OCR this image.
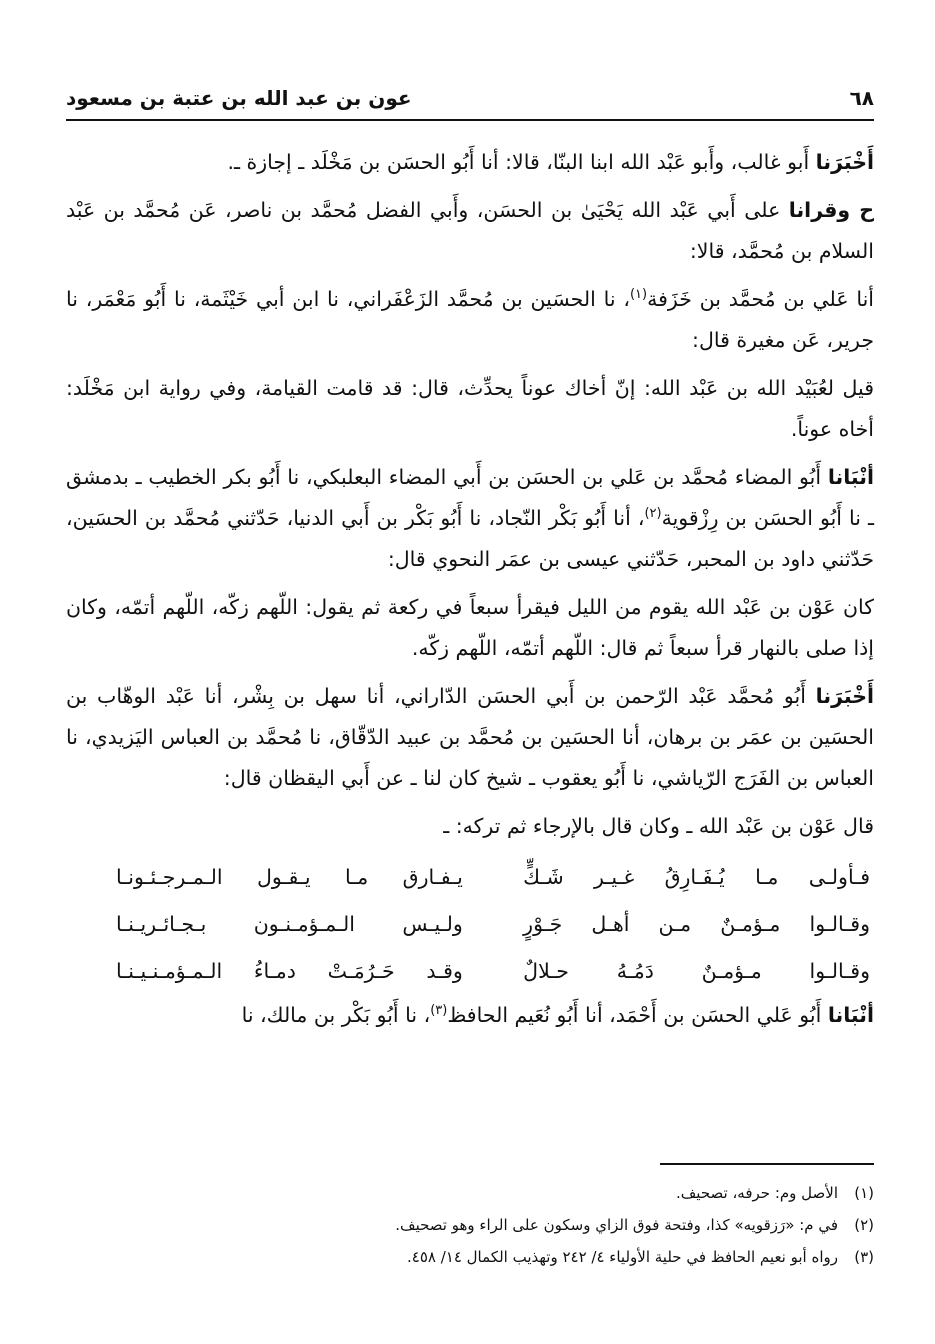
٦٨
عون بن عبد الله بن عتبة بن مسعود

أَخْبَرَنا أَبو غالب، وأَبو عَبْد الله ابنا البنّا، قالا: أنا أَبُو الحسَن بن مَخْلَد ـ إجازة ـ.

ح وقرانا على أَبي عَبْد الله يَحْيَىٰ بن الحسَن، وأَبي الفضل مُحمَّد بن ناصر، عَن مُحمَّد بن عَبْد السلام بن مُحمَّد، قالا:

أنا عَلي بن مُحمَّد بن خَزَفة$^{(١)}$، نا الحسَين بن مُحمَّد الزَعْفَراني، نا ابن أبي خَيْثَمة، نا أَبُو مَعْمَر، نا جرير، عَن مغيرة قال:

قيل لعُبَيْد الله بن عَبْد الله: إنّ أخاك عوناً يحدِّث، قال: قد قامت القيامة، وفي رواية ابن مَخْلَد: أخاه عوناً.

أنْبَانا أَبُو المضاء مُحمَّد بن عَلي بن الحسَن بن أَبي المضاء البعلبكي، نا أَبُو بكر الخطيب ـ بدمشق ـ نا أَبُو الحسَن بن رِزْقوية$^{(٢)}$، أنا أَبُو بَكْر النّجاد، نا أَبُو بَكْر بن أَبي الدنيا، حَدّثني مُحمَّد بن الحسَين، حَدّثني داود بن المحبر، حَدّثني عيسى بن عمَر النحوي قال:

كان عَوْن بن عَبْد الله يقوم من الليل فيقرأ سبعاً في ركعة ثم يقول: اللّهم زكّه، اللّهم أتمّه، وكان إذا صلى بالنهار قرأ سبعاً ثم قال: اللّهم أتمّه، اللّهم زكّه.

أَخْبَرَنا أَبُو مُحمَّد عَبْد الرّحمن بن أَبي الحسَن الدّاراني، أنا سهل بن بِشْر، أنا عَبْد الوهّاب بن الحسَين بن عمَر بن برهان، أنا الحسَين بن مُحمَّد بن عبيد الدّقّاق، نا مُحمَّد بن العباس اليَزيدي، نا العباس بن الفَرَج الرّياشي، نا أَبُو يعقوب ـ شيخ كان لنا ـ عن أَبي اليقظان قال:

قال عَوْن بن عَبْد الله ـ وكان قال بالإرجاء ثم تركه: ـ

فـأولـى مـا يُـفَـارِقُ غـيـر شَـكٍّ
يـفـارق مـا يـقـول الـمـرجـئـونـا
وقـالـوا مـؤمـنٌ مـن أهـل جَـوْرٍ
ولـيـس الـمـؤمـنـون بـجـائـريـنـا
وقـالـوا مـؤمـنٌ دَمُـهُ حـلالٌ
وقـد حَـرُمَـتْ دمـاءُ الـمـؤمـنـيـنـا

أنْبَانا أَبُو عَلي الحسَن بن أَحْمَد، أنا أَبُو نُعَيم الحافظ$^{(٣)}$، نا أَبُو بَكْر بن مالك، نا

(١)
الأصل وم: حرفه، تصحيف.
(٢)
في م: «رَزقويه» كذا، وفتحة فوق الزاي وسكون على الراء وهو تصحيف.
(٣)
رواه أبو نعيم الحافظ في حلية الأولياء ٤/ ٢٤٢ وتهذيب الكمال ١٤/ ٤٥٨.
